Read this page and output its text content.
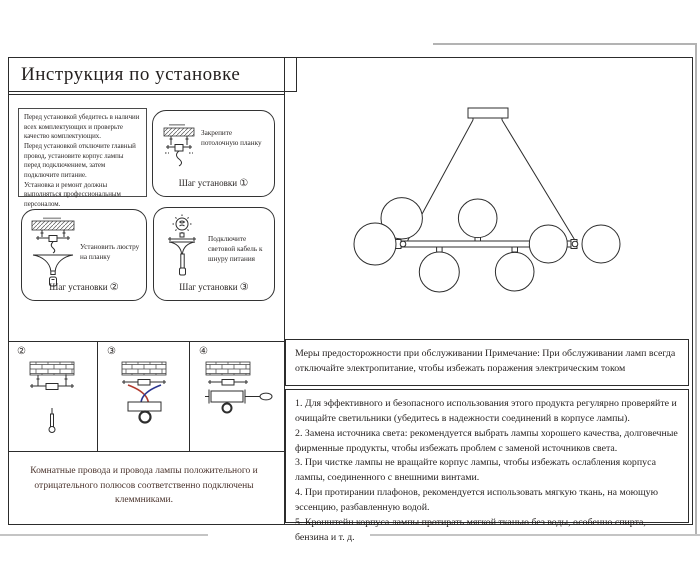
Инструкция по установке

Перед установкой убедитесь в наличии всех комплектующих и проверьте качество комплектующих.

Перед установкой отключите главный провод, установите корпус лампы перед подключением, затем подключите питание.

Установка и ремонт должны выполняться профессиональным персоналом.

Закрепите потолочную планку
Шаг установки ①
Установить люстру на планку
Шаг установки ②
Подключите световой кабель к шнуру питания
Шаг установки ③
②	③	④
Комнатные провода и провода лампы положительного и отрицательного полюсов соответственно подключены клеммниками.
Меры предосторожности при обслуживании Примечание: При обслуживании ламп всегда отключайте электропитание, чтобы избежать поражения электрическим током
1. Для эффективного и безопасного использования этого продукта регулярно проверяйте и очищайте светильники (убедитесь в надежности соединений в корпусе лампы).
2. Замена источника света: рекомендуется выбрать лампы хорошего качества, долговечные фирменные продукты, чтобы избежать проблем с заменой источников света.
3. При чистке лампы не вращайте корпус лампы, чтобы избежать ослабления корпуса лампы, соединенного с внешними винтами.
4. При протирании плафонов, рекомендуется использовать мягкую ткань, на моющую эссенцию, разбавленную водой.
5. Кронштейн корпуса лампы протирать мягкой тканью без воды, особенно спирта, бензина и т. д.
